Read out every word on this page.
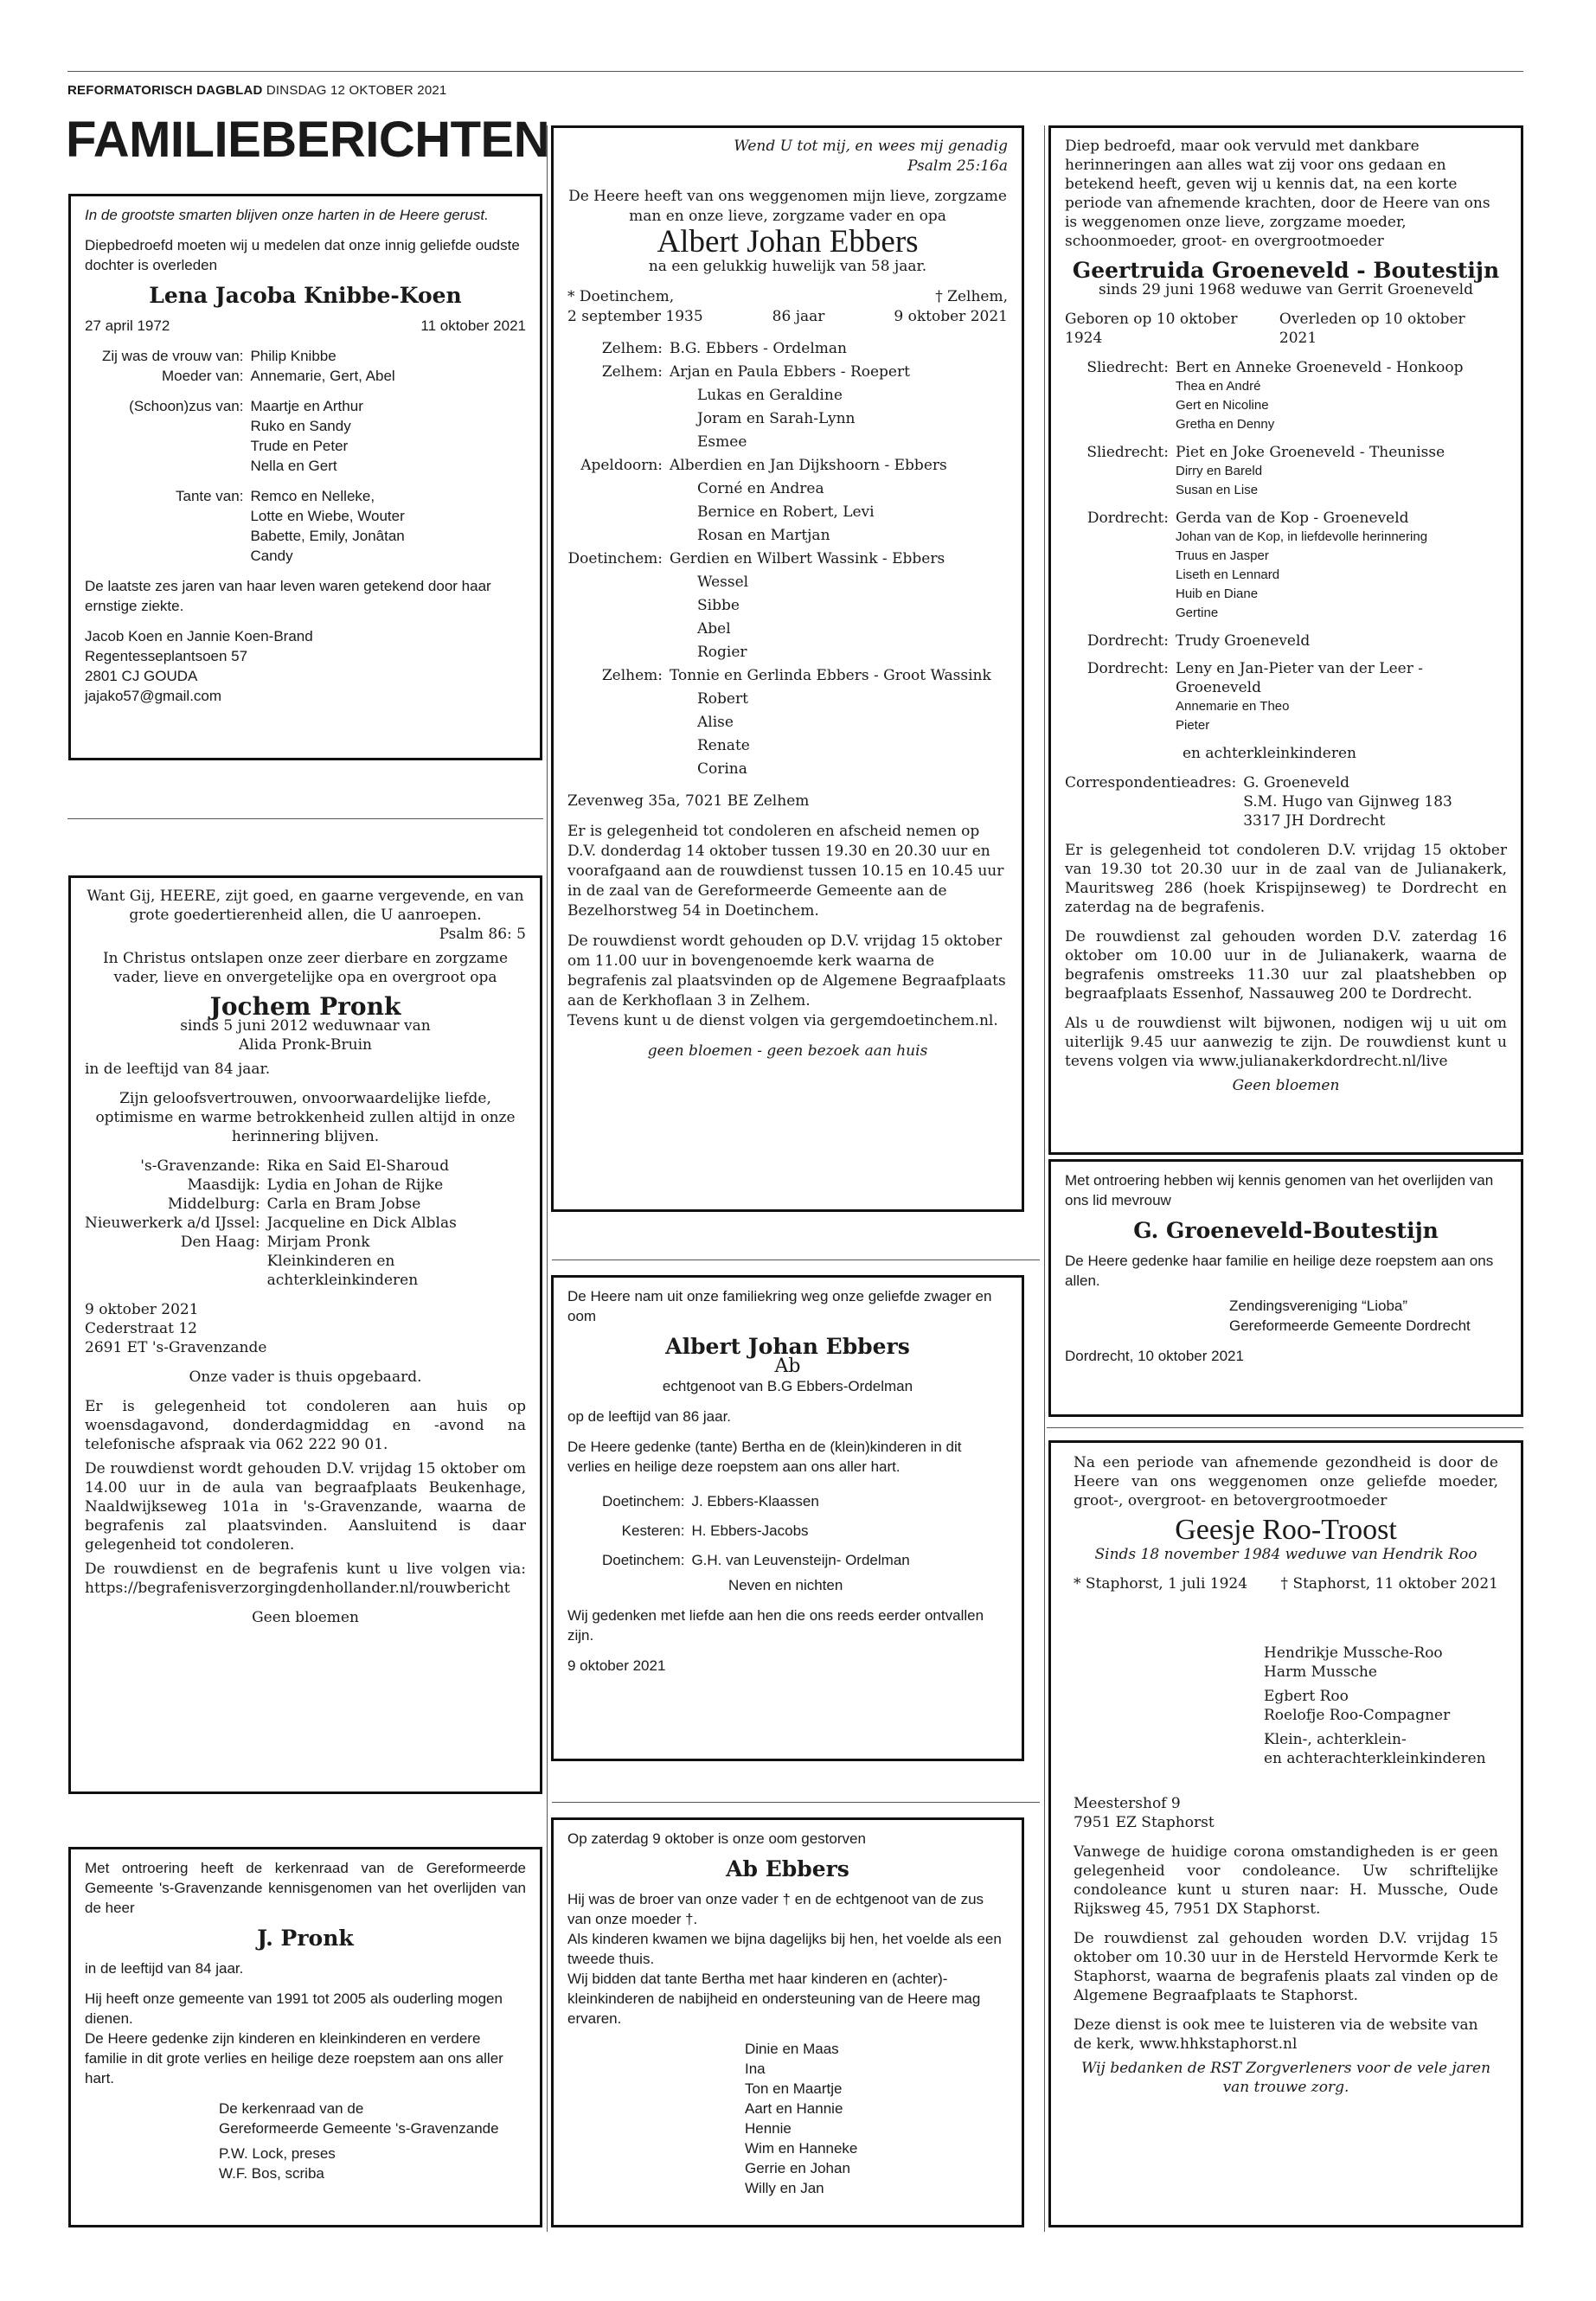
REFORMATORISCH DAGBLAD DINSDAG 12 OKTOBER 2021
FAMILIEBERICHTEN

In de grootste smarten blijven onze harten in de Heere gerust.

Diepbedroefd moeten wij u medelen dat onze innig geliefde oudste dochter is overleden

Lena Jacoba Knibbe-Koen

27 april 1972	11 oktober 2021
Zij was de vrouw van: Philip Knibbe
Moeder van: Annemarie, Gert, Abel
(Schoon)zus van: Maartje en Arthur
Ruko en Sandy
Trude en Peter
Nella en Gert
Tante van: Remco en Nelleke,
Lotte en Wiebe, Wouter
Babette, Emily, Jonâtan
Candy

De laatste zes jaren van haar leven waren getekend door haar ernstige ziekte.

Jacob Koen en Jannie Koen-Brand

Regentesseplantsoen 57

2801 CJ GOUDA

jajako57@gmail.com

Want Gij, HEERE, zijt goed, en gaarne vergevende, en van grote goedertierenheid allen, die U aanroepen.

Psalm 86: 5

In Christus ontslapen onze zeer dierbare en zorgzame vader, lieve en onvergetelijke opa en overgroot opa

Jochem Pronk

sinds 5 juni 2012 weduwnaar van

Alida Pronk-Bruin

in de leeftijd van 84 jaar.

Zijn geloofsvertrouwen, onvoorwaardelijke liefde, optimisme en warme betrokkenheid zullen altijd in onze herinnering blijven.

's-Gravenzande: Rika en Said El-Sharoud
Maasdijk: Lydia en Johan de Rijke
Middelburg: Carla en Bram Jobse
Nieuwerkerk a/d IJssel: Jacqueline en Dick Alblas
Den Haag: Mirjam Pronk
Kleinkinderen en
achterkleinkinderen

9 oktober 2021

Cederstraat 12

2691 ET 's-Gravenzande

Onze vader is thuis opgebaard.

Er is gelegenheid tot condoleren aan huis op woensdagavond, donderdagmiddag en -avond na telefonische afspraak via 062 222 90 01.

De rouwdienst wordt gehouden D.V. vrijdag 15 oktober om 14.00 uur in de aula van begraafplaats Beukenhage, Naaldwijkseweg 101a in 's-Gravenzande, waarna de begrafenis zal plaatsvinden. Aansluitend is daar gelegenheid tot condoleren.

De rouwdienst en de begrafenis kunt u live volgen via: https://begrafenisverzorgingdenhollander.nl/rouwbericht

Geen bloemen

Met ontroering heeft de kerkenraad van de Gereformeerde Gemeente 's-Gravenzande kennisgenomen van het overlijden van de heer

J. Pronk

in de leeftijd van 84 jaar.

Hij heeft onze gemeente van 1991 tot 2005 als ouderling mogen dienen.

De Heere gedenke zijn kinderen en kleinkinderen en verdere familie in dit grote verlies en heilige deze roepstem aan ons aller hart.

De kerkenraad van de

Gereformeerde Gemeente 's-Gravenzande

P.W. Lock, preses

W.F. Bos, scriba

Wend U tot mij, en wees mij genadig

Psalm 25:16a

De Heere heeft van ons weggenomen mijn lieve, zorgzame man en onze lieve, zorgzame vader en opa

Albert Johan Ebbers

na een gelukkig huwelijk van 58 jaar.

* Doetinchem,

2 september 1935	86 jaar

† Zelhem,

9 oktober 2021

Zelhem: B.G. Ebbers - Ordelman
Zelhem: Arjan en Paula Ebbers - Roepert
Lukas en Geraldine
Joram en Sarah-Lynn
Esmee
Apeldoorn: Alberdien en Jan Dijkshoorn - Ebbers
Corné en Andrea
Bernice en Robert, Levi
Rosan en Martjan
Doetinchem: Gerdien en Wilbert Wassink - Ebbers
Wessel
Sibbe
Abel
Rogier
Zelhem: Tonnie en Gerlinda Ebbers - Groot Wassink
Robert
Alise
Renate
Corina

Zevenweg 35a, 7021 BE Zelhem

Er is gelegenheid tot condoleren en afscheid nemen op D.V. donderdag 14 oktober tussen 19.30 en 20.30 uur en voorafgaand aan de rouwdienst tussen 10.15 en 10.45 uur in de zaal van de Gereformeerde Gemeente aan de Bezelhorstweg 54 in Doetinchem.

De rouwdienst wordt gehouden op D.V. vrijdag 15 oktober om 11.00 uur in bovengenoemde kerk waarna de begrafenis zal plaatsvinden op de Algemene Begraafplaats aan de Kerkhoflaan 3 in Zelhem.

Tevens kunt u de dienst volgen via gergemdoetinchem.nl.

geen bloemen - geen bezoek aan huis

De Heere nam uit onze familiekring weg onze geliefde zwager en oom

Albert Johan Ebbers

Ab

echtgenoot van B.G Ebbers-Ordelman

op de leeftijd van 86 jaar.

De Heere gedenke (tante) Bertha en de (klein)kinderen in dit verlies en heilige deze roepstem aan ons aller hart.

Doetinchem: J. Ebbers-Klaassen
Kesteren: H. Ebbers-Jacobs
Doetinchem: G.H. van Leuvensteijn- Ordelman

Neven en nichten

Wij gedenken met liefde aan hen die ons reeds eerder ontvallen zijn.

9 oktober 2021

Op zaterdag 9 oktober is onze oom gestorven

Ab Ebbers

Hij was de broer van onze vader † en de echtgenoot van de zus van onze moeder †.

Als kinderen kwamen we bijna dagelijks bij hen, het voelde als een tweede thuis.

Wij bidden dat tante Bertha met haar kinderen en (achter)-kleinkinderen de nabijheid en ondersteuning van de Heere mag ervaren.

Dinie en Maas

Ina

Ton en Maartje

Aart en Hannie

Hennie

Wim en Hanneke

Gerrie en Johan

Willy en Jan

Diep bedroefd, maar ook vervuld met dankbare herinneringen aan alles wat zij voor ons gedaan en betekend heeft, geven wij u kennis dat, na een korte periode van afnemende krachten, door de Heere van ons is weggenomen onze lieve, zorgzame moeder, schoonmoeder, groot- en overgrootmoeder

Geertruida Groeneveld - Boutestijn

sinds 29 juni 1968 weduwe van Gerrit Groeneveld

Geboren op 10 oktober 1924
Overleden op 10 oktober 2021
Sliedrecht: Bert en Anneke Groeneveld - Honkoop

Thea en André

Gert en Nicoline

Gretha en Denny

Sliedrecht: Piet en Joke Groeneveld - Theunisse

Dirry en Bareld

Susan en Lise

Dordrecht: Gerda van de Kop - Groeneveld

Johan van de Kop, in liefdevolle herinnering

Truus en Jasper

Liseth en Lennard

Huib en Diane

Gertine

Dordrecht: Trudy Groeneveld

Dordrecht: Leny en Jan-Pieter van der Leer - Groeneveld

Annemarie en Theo

Pieter

en achterkleinkinderen

Correspondentieadres: G. Groeneveld

S.M. Hugo van Gijnweg 183

3317 JH Dordrecht

Er is gelegenheid tot condoleren D.V. vrijdag 15 oktober van 19.30 tot 20.30 uur in de zaal van de Julianakerk, Mauritsweg 286 (hoek Krispijnseweg) te Dordrecht en zaterdag na de begrafenis.

De rouwdienst zal gehouden worden D.V. zaterdag 16 oktober om 10.00 uur in de Julianakerk, waarna de begrafenis omstreeks 11.30 uur zal plaatshebben op begraafplaats Essenhof, Nassauweg 200 te Dordrecht.

Als u de rouwdienst wilt bijwonen, nodigen wij u uit om uiterlijk 9.45 uur aanwezig te zijn. De rouwdienst kunt u tevens volgen via www.julianakerkdordrecht.nl/live

Geen bloemen

Met ontroering hebben wij kennis genomen van het overlijden van ons lid mevrouw

G. Groeneveld-Boutestijn

De Heere gedenke haar familie en heilige deze roepstem aan ons allen.

Zendingsvereniging “Lioba”

Gereformeerde Gemeente Dordrecht

Dordrecht, 10 oktober 2021

Na een periode van afnemende gezondheid is door de Heere van ons weggenomen onze geliefde moeder, groot-, overgroot- en betovergrootmoeder

Geesje Roo-Troost

Sinds 18 november 1984 weduwe van Hendrik Roo

* Staphorst, 1 juli 1924 † Staphorst, 11 oktober 2021

Hendrikje Mussche-Roo

Harm Mussche

Egbert Roo

Roelofje Roo-Compagner

Klein-, achterklein-

en achterachterkleinkinderen

Meestershof 9

7951 EZ Staphorst

Vanwege de huidige corona omstandigheden is er geen gelegenheid voor condoleance. Uw schriftelijke condoleance kunt u sturen naar: H. Mussche, Oude Rijksweg 45, 7951 DX Staphorst.

De rouwdienst zal gehouden worden D.V. vrijdag 15 oktober om 10.30 uur in de Hersteld Hervormde Kerk te Staphorst, waarna de begrafenis plaats zal vinden op de Algemene Begraafplaats te Staphorst.

Deze dienst is ook mee te luisteren via de website van de kerk, www.hhkstaphorst.nl

Wij bedanken de RST Zorgverleners voor de vele jaren van trouwe zorg.
